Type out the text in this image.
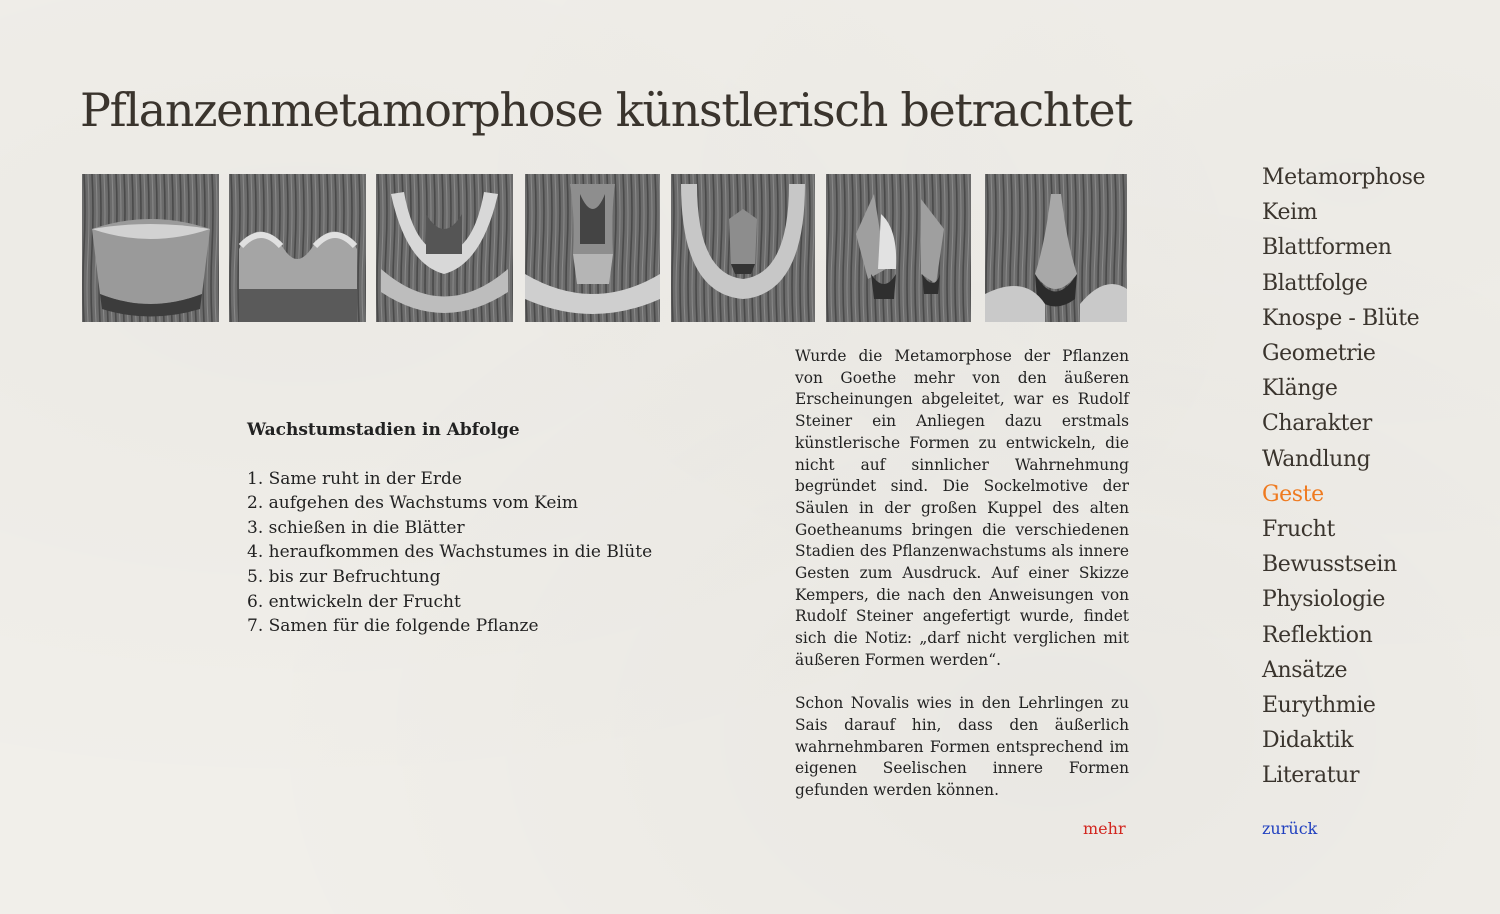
Pflanzenmetamorphose künstlerisch betrachtet
Wachstumstadien in Abfolge
1. Same ruht in der Erde
2. aufgehen des Wachstums vom Keim
3. schießen in die Blätter
4. heraufkommen des Wachstumes in die Blüte
5. bis zur Befruchtung
6. entwickeln der Frucht
7. Samen für die folgende Pflanze

Wurde die Metamorphose der Pflanzen von Goethe mehr von den äußeren Erscheinungen abgeleitet, war es Rudolf Steiner ein Anliegen dazu erstmals künstlerische Formen zu entwickeln, die nicht auf sinnlicher Wahrnehmung begründet sind. Die Sockelmotive der Säulen in der großen Kuppel des alten Goetheanums bringen die verschiedenen Stadien des Pflanzenwachstums als innere Gesten zum Ausdruck. Auf einer Skizze Kempers, die nach den Anweisungen von Rudolf Steiner angefertigt wurde, findet sich die Notiz: „darf nicht verglichen mit äußeren Formen werden“.

Schon Novalis wies in den Lehrlingen zu Sais darauf hin, dass den äußerlich wahrnehmbaren Formen entsprechend im eigenen Seelischen innere Formen gefunden werden können.

mehr
Metamorphose
Keim
Blattformen
Blattfolge
Knospe - Blüte
Geometrie
Klänge
Charakter
Wandlung
Geste
Frucht
Bewusstsein
Physiologie
Reflektion
Ansätze
Eurythmie
Didaktik
Literatur
zurück
